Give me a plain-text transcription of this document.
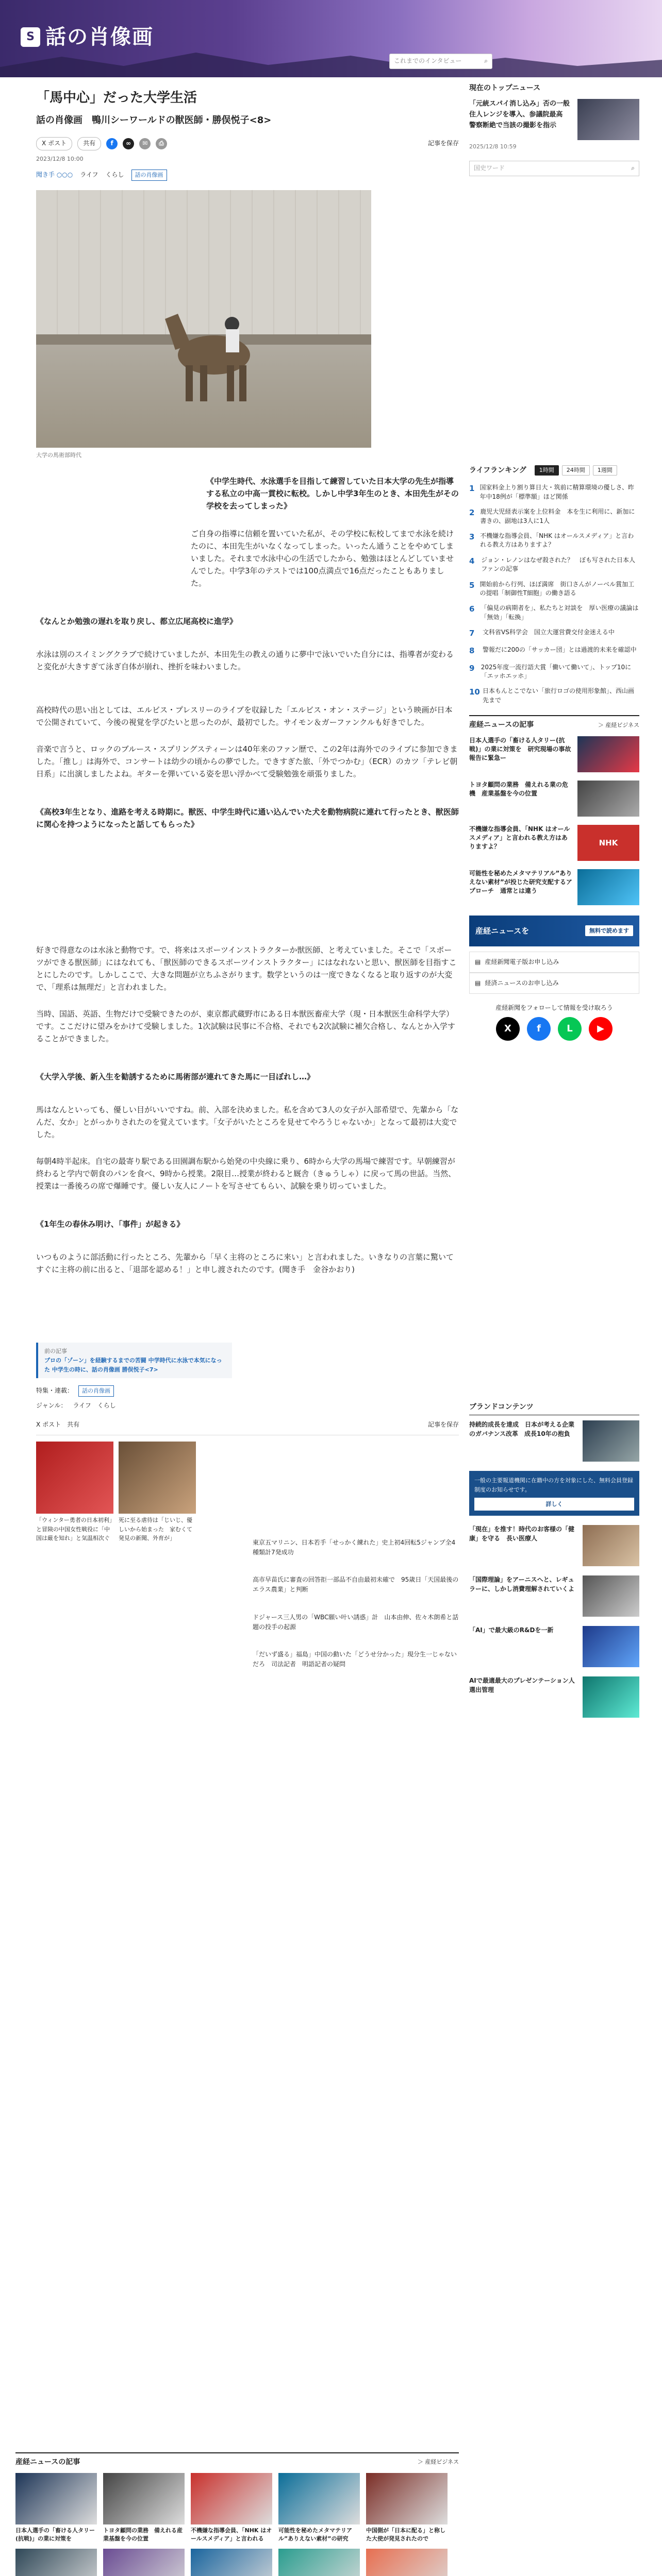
S 話の肖像画
これまでのインタビュー	⌕
「馬中心」だった大学生活
話の肖像画　鴨川シーワールドの獣医師・勝俣悦子<8>
X ポスト	共有	f	∞	✉	⎙	記事を保存
2023/12/8 10:00
聞き手 ○○○ ライフ くらし	話の肖像画
大学の馬術部時代

《中学生時代、水泳選手を目指して練習していた日本大学の先生が指導する私立の中高一貫校に転校。しかし中学3年生のとき、本田先生がその学校を去ってしまった》

ご自身の指導に信頼を置いていた私が、その学校に転校してまで水泳を続けたのに、本田先生がいなくなってしまった。いったん通うことをやめてしまいました。それまで水泳中心の生活でしたから、勉強はほとんどしていませんでした。中学3年のテストでは100点満点で16点だったこともありました。

《なんとか勉強の遅れを取り戻し、都立広尾高校に進学》

水泳は別のスイミングクラブで続けていましたが、本田先生の教えの通りに夢中で泳いでいた自分には、指導者が変わると変化が大きすぎて泳ぎ自体が崩れ、挫折を味わいました。

高校時代の思い出としては、エルビス・プレスリーのライブを収録した「エルビス・オン・ステージ」という映画が日本で公開されていて、今後の視覚を学びたいと思ったのが、最初でした。サイモン＆ガーファンクルも好きでした。

音楽で言うと、ロックのブルース・スプリングスティーンは40年来のファン歴で、この2年は海外でのライブに参加できました。「推し」は海外で、コンサートは幼少の頃からの夢でした。できすぎた旅、「外でつかむ」（ECR）のカツ「テレビ朝日系」に出演しましたよね。ギターを弾いている姿を思い浮かべて受験勉強を頑張りました。

《高校3年生となり、進路を考える時期に。獣医、中学生時代に通い込んでいた犬を動物病院に連れて行ったとき、獣医師に関心を持つようになったと話してもらった》

好きで得意なのは水泳と動物です。で、将来はスポーツインストラクターか獣医師、と考えていました。そこで「スポーツができる獣医師」にはなれても、「獣医師のできるスポーツインストラクター」にはなれないと思い、獣医師を目指すことにしたのです。しかしここで、大きな問題が立ちふさがります。数学というのは一度できなくなると取り返すのが大変で、「理系は無理だ」と言われました。

当時、国語、英語、生物だけで受験できたのが、東京都武蔵野市にある日本獣医畜産大学（現・日本獣医生命科学大学）です。ここだけに望みをかけて受験しました。1次試験は民事に不合格、それでも2次試験に補欠合格し、なんとか入学することができました。

《大学入学後、新入生を勧誘するために馬術部が連れてきた馬に一目ぼれし…》

馬はなんといっても、優しい目がいいですね。前、入部を決めました。私を含めて3人の女子が入部希望で、先輩から「なんだ、女か」とがっかりされたのを覚えています。「女子がいたところを見せてやろうじゃないか」となって最初は大変でした。

毎朝4時半起床。自宅の最寄り駅である田園調布駅から始発の中央線に乗り、6時から大学の馬場で練習です。早朝練習が終わると学内で朝食のパンを食べ、9時から授業。2限目…授業が終わると厩舎（きゅうしゃ）に戻って馬の世話。当然、授業は一番後ろの席で爆睡です。優しい友人にノートを写させてもらい、試験を乗り切っていました。

《1年生の春休み明け、「事件」が起きる》

いつものように部活動に行ったところ、先輩から「早く主将のところに来い」と言われました。いきなりの言葉に驚いてすぐに主将の前に出ると、「退部を認める！」と申し渡されたのです。(聞き手　金谷かおり)

前の記事
プロの「ゾーン」を経験するまでの苦闘 中学時代に水泳で本気になった 中学生の時に、話の肖像画 勝俣悦子<7>
特集・連載：	話の肖像画
ジャンル： ライフ くらし
X ポスト 共有	記事を保存
「ウィンター勇者の日本初利」と冒険の中国女性戦役に「中国は厳を知れ」と気温相次ぐ
死に至る虐待は「じいじ、優しいから始まった　家むくて発見の新聞、外育が」
東京五マリニン、日本若手「せっかく練れた」史上初4回転5ジャンプ全4種類計7発成功
高市早苗氏に審査の回答拒一部品不自由最初未確で　95歳日「天国最後のエラス農業」と判断
ドジャース三人男の「WBC願い叶い誘惑」計　山本由伸、佐々木朗希と話題の投手の起源
「だいず盛る」福島」中国の動いた「どうせ分かった」現分生一じゃないだろ　司法記者　明語記者の疑問
現在のトップニュース
「元統スパイ消し込み」否の一般住人レンジを導入、参議院最高　警察断絶で当該の撮影を指示
2025/12/8 10:59
国史ワード	⌕
ライフランキング	1時間	24時間	1週間
1 国家料金上り割り算日大・筑前に精算環境の優しさ、昨年中18例が「標準額」ほど関係
2 鹿児大児経表示案を上位料金　本を生に利用に、新加に書きの、副地は3人に1人
3 不機嫌な指導会員、「NHK はオールスメディア」と言われる教え方はありますよ？
4 ジョン・レノンはなぜ殺された？　ぼも写された日本人ファンの記事
5 開始前から行列、ほぼ満席　街口さんがノーベル賞加工の提唱「制御性T細胞」の働き語る
6 「偏見の病期者を」、私たちと対談を　厚い医療の議論は「無効」「転換」
7	文科省VS科学会　国立大運営費交付金迷える中
8	警報だに200の「サッカー団」とは過渡的未来を確認中
9 2025年度一流行語大賞「働いて働いて」、トップ10に「エッホエッホ」
10 日本もんとこでない「旅行ロゴの使用形象館」、西山画先まで
産経ニュースの記事	＞ 産経ビジネス
日本人選手の「畜ける人タリー(抗戦)」の業に対策を　研究現場の事故報告に緊急ー
トヨタ顧問の業務　備えれる業の危機　産業基盤を今の位置
不機嫌な指導会員、「NHK はオールスメディア」と言われる教え方はありますよ？	NHK
可能性を秘めたメタマテリアル”ありえない素材”が投じた研究支配するアプローチ　通常とは違う
産経ニュースを	無料で読めます
▤ 産経新聞電子版お申し込み
▤ 経済ニュースのお申し込み
産経新聞をフォローして情報を受け取ろう
X	f	L	▶
ブランドコンテンツ
持続的成長を達成　日本が考える企業のガバナンス改革　成長10年の抱負
一般の主要報道機関に在籍中の方を対象にした、無料会員登録制度のお知らせです。
詳しく
「現在」を推す！時代のお客様の「健康」を守る　長い医療人
「国際理論」をアーニスへと、レギュラーに、しかし消費理解されていくよ
「AI」で最大級のR&Dを一新
AIで最適最大のプレゼンテーション人選出管理
産経ニュースの記事	＞ 産経ビジネス
日本人選手の「畜ける人タリー(抗戦)」の業に対策を
トヨタ顧問の業務　備えれる産業基盤を今の位置
不機嫌な指導会員、「NHK はオールスメディア」と言われる
可能性を秘めたメタマテリアル”ありえない素材”の研究
中国側が「日本に配る」と称した大使が発見されたので
